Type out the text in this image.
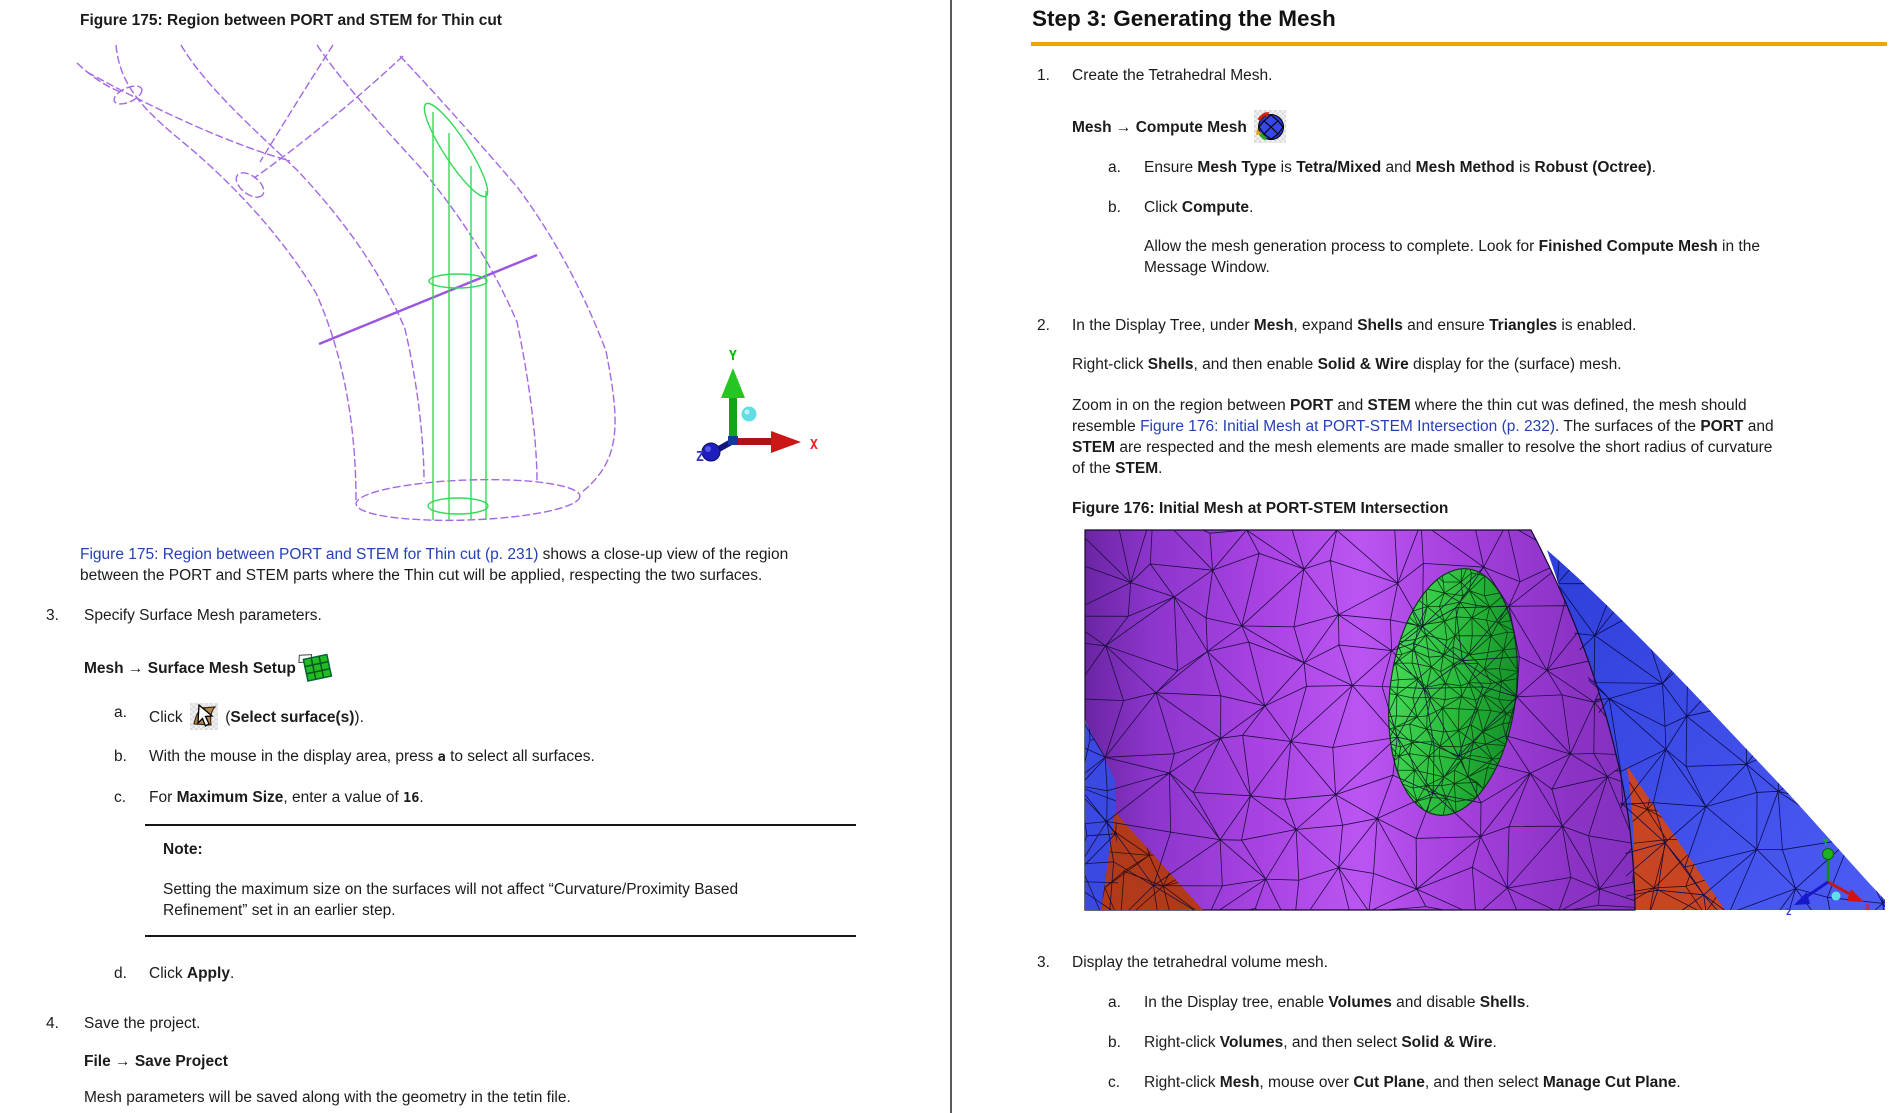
Figure 175: Region between PORT and STEM for Thin cut
Y
X
Z
Figure 175: Region between PORT and STEM for Thin cut (p. 231) shows a close-up view of the region
between the PORT and STEM parts where the Thin cut will be applied, respecting the two surfaces.
3. Specify Surface Mesh parameters.
Mesh → Surface Mesh Setup
a. Click  (Select surface(s)).
b. With the mouse in the display area, press a to select all surfaces.
c. For Maximum Size, enter a value of 16.
Note:
Setting the maximum size on the surfaces will not affect “Curvature/Proximity Based
Refinement” set in an earlier step.
d. Click Apply.
4. Save the project.
File → Save Project
Mesh parameters will be saved along with the geometry in the tetin file.
Step 3: Generating the Mesh
1. Create the Tetrahedral Mesh.
Mesh → Compute Mesh
a. Ensure Mesh Type is Tetra/Mixed and Mesh Method is Robust (Octree).
b. Click Compute.
Allow the mesh generation process to complete. Look for Finished Compute Mesh in the
Message Window.
2. In the Display Tree, under Mesh, expand Shells and ensure Triangles is enabled.
Right-click Shells, and then enable Solid & Wire display for the (surface) mesh.
Zoom in on the region between PORT and STEM where the thin cut was defined, the mesh should
resemble Figure 176: Initial Mesh at PORT-STEM Intersection (p. 232). The surfaces of the PORT and
STEM are respected and the mesh elements are made smaller to resolve the short radius of curvature
of the STEM.
Figure 176: Initial Mesh at PORT-STEM Intersection
Y
X
Z
3. Display the tetrahedral volume mesh.
a. In the Display tree, enable Volumes and disable Shells.
b. Right-click Volumes, and then select Solid & Wire.
c. Right-click Mesh, mouse over Cut Plane, and then select Manage Cut Plane.
